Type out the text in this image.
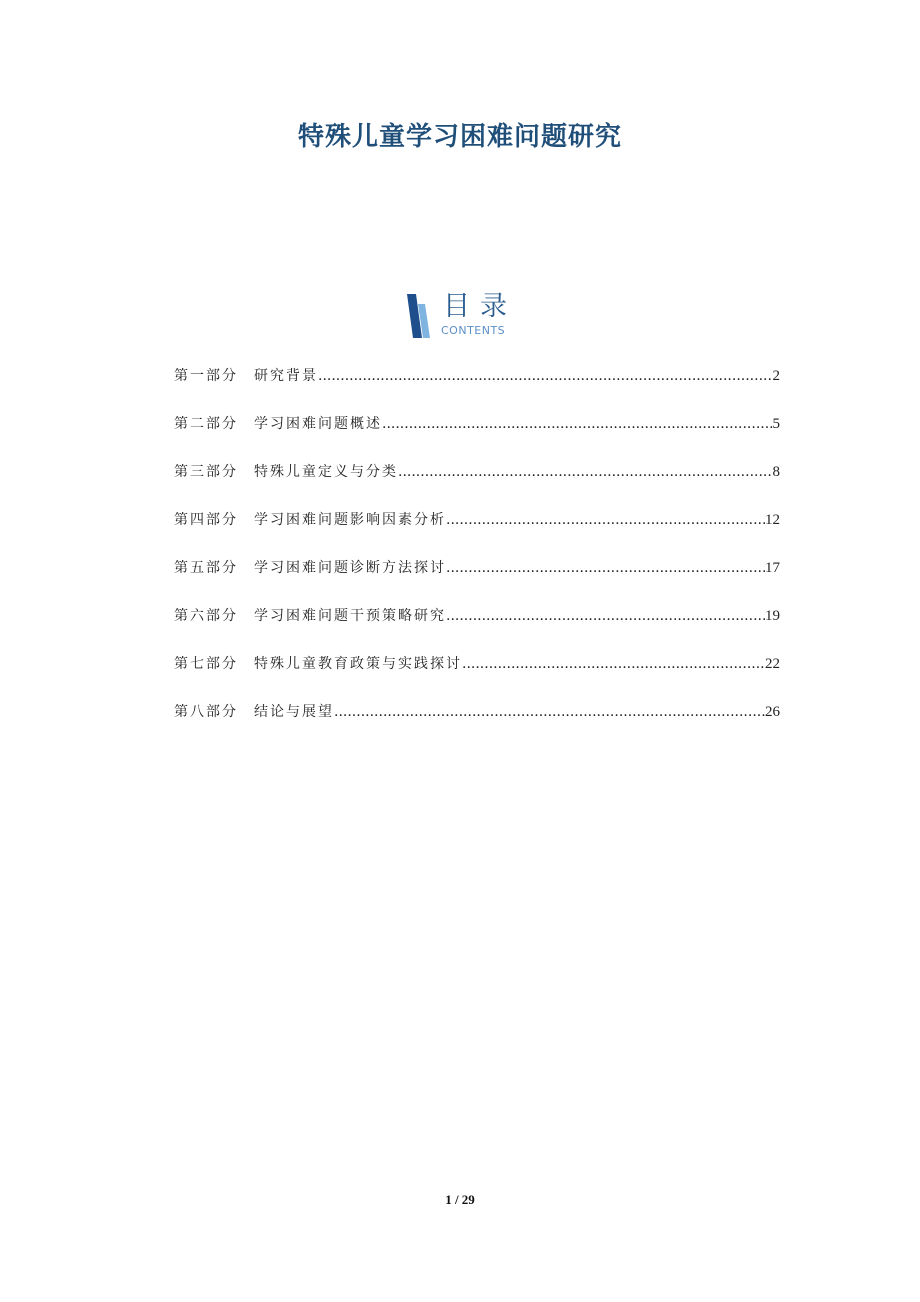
特殊儿童学习困难问题研究
目录
CONTENTS
第一部分	研究背景 .....	2
第二部分	学习困难问题概述 .....	5
第三部分	特殊儿童定义与分类 .....	8
第四部分	学习困难问题影响因素分析 .....	12
第五部分	学习困难问题诊断方法探讨 .....	17
第六部分	学习困难问题干预策略研究 .....	19
第七部分	特殊儿童教育政策与实践探讨 .....	22
第八部分	结论与展望 .....	26
1 / 29
